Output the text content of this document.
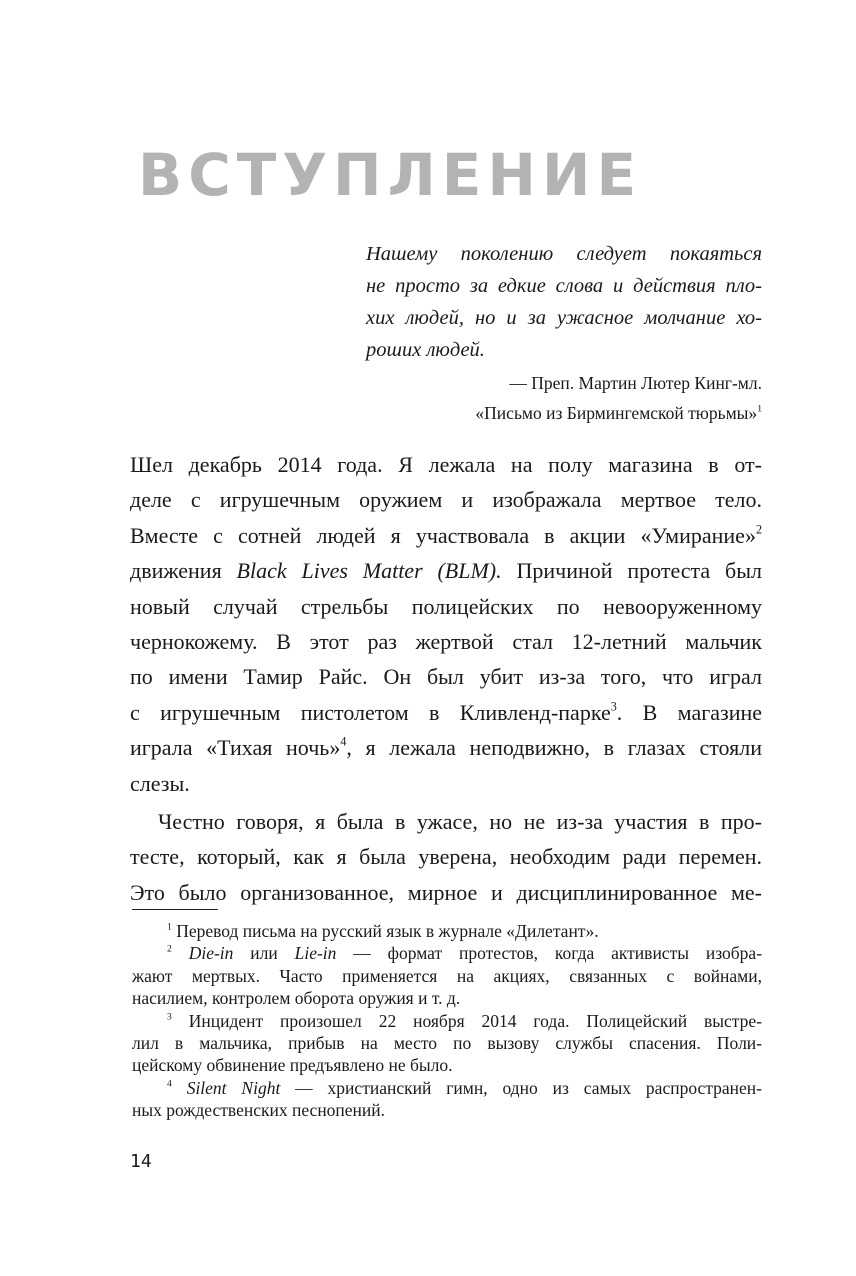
ВСТУПЛЕНИЕ
Нашему поколению следует покаяться
не просто за едкие слова и действия пло-
хих людей, но и за ужасное молчание хо-
роших людей.
— Преп. Мартин Лютер Кинг-мл.
«Письмо из Бирмингемской тюрьмы»$^1$
Шел декабрь 2014 года. Я лежала на полу магазина в от-
деле с игрушечным оружием и изображала мертвое тело.
Вместе с сотней людей я участвовала в акции «Умирание»$^2$
движения Black Lives Matter (BLM). Причиной протеста был
новый случай стрельбы полицейских по невооруженному
чернокожему. В этот раз жертвой стал 12-летний мальчик
по имени Тамир Райс. Он был убит из-за того, что играл
с игрушечным пистолетом в Кливленд-парке$^3$. В магазине
играла «Тихая ночь»$^4$, я лежала неподвижно, в глазах стояли
слезы.
Честно говоря, я была в ужасе, но не из-за участия в про-
тесте, который, как я была уверена, необходим ради перемен.
Это было организованное, мирное и дисциплинированное ме-
$^1$ Перевод письма на русский язык в журнале «Дилетант».
$^2$ Die-in или Lie-in — формат протестов, когда активисты изобра-
жают мертвых. Часто применяется на акциях, связанных с войнами,
насилием, контролем оборота оружия и т. д.
$^3$ Инцидент произошел 22 ноября 2014 года. Полицейский выстре-
лил в мальчика, прибыв на место по вызову службы спасения. Поли-
цейскому обвинение предъявлено не было.
$^4$ Silent Night — христианский гимн, одно из самых распространен-
ных рождественских песнопений.
14
